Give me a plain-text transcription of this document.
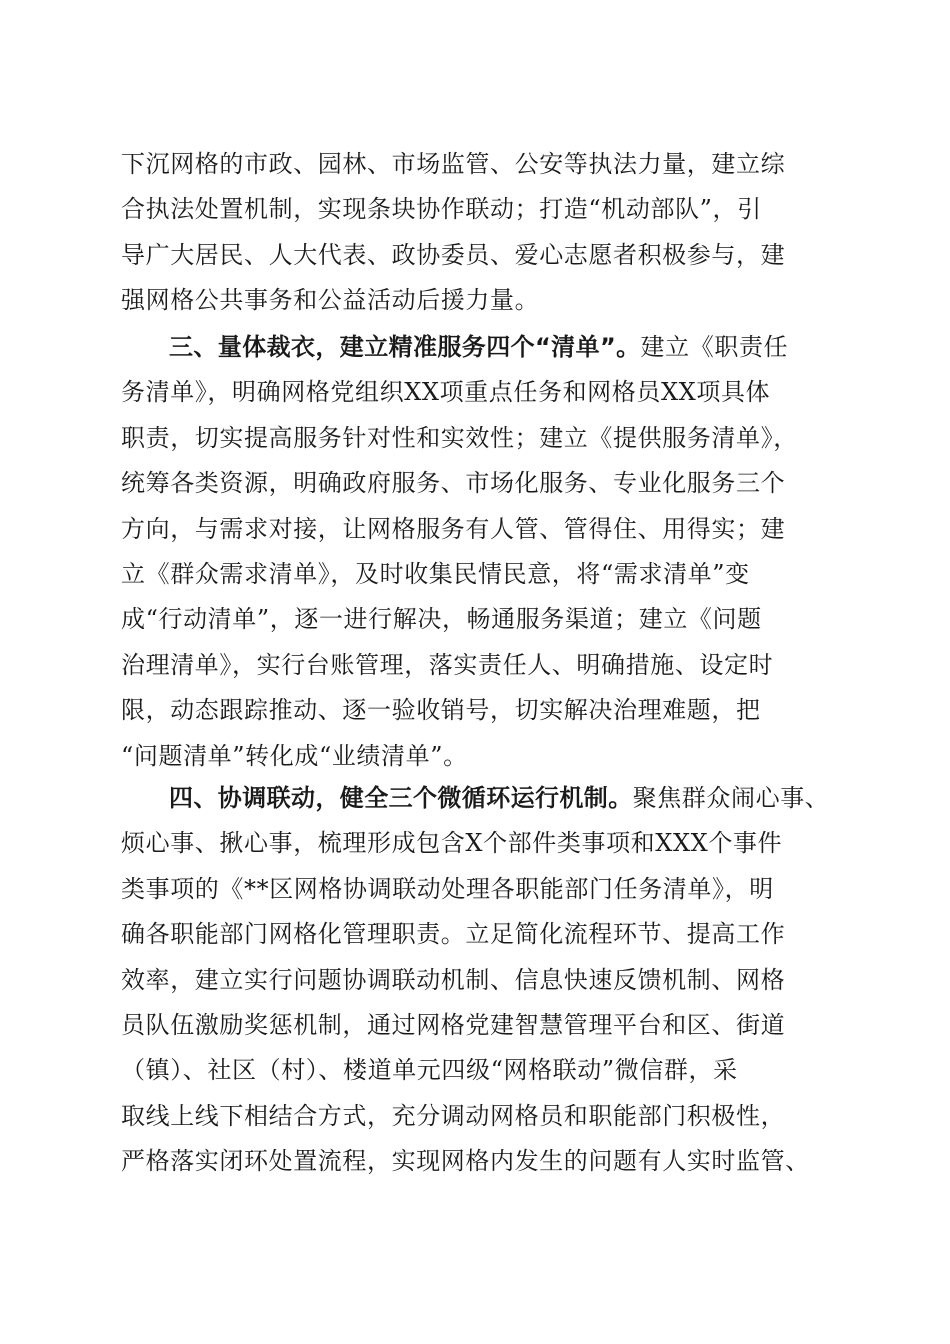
下沉网格的市政、园林、市场监管、公安等执法力量，建立综
合执法处置机制，实现条块协作联动；打造“机动部队”，引
导广大居民、人大代表、政协委员、爱心志愿者积极参与，建
强网格公共事务和公益活动后援力量。
三、量体裁衣，建立精准服务四个“清单”。建立《职责任
务清单》，明确网格党组织XX项重点任务和网格员XX项具体
职责，切实提高服务针对性和实效性；建立《提供服务清单》，
统筹各类资源，明确政府服务、市场化服务、专业化服务三个
方向，与需求对接，让网格服务有人管、管得住、用得实；建
立《群众需求清单》，及时收集民情民意，将“需求清单”变
成“行动清单”，逐一进行解决，畅通服务渠道；建立《问题
治理清单》，实行台账管理，落实责任人、明确措施、设定时
限，动态跟踪推动、逐一验收销号，切实解决治理难题，把
“问题清单”转化成“业绩清单”。
四、协调联动，健全三个微循环运行机制。聚焦群众闹心事、
烦心事、揪心事，梳理形成包含X个部件类事项和XXX个事件
类事项的《**区网格协调联动处理各职能部门任务清单》，明
确各职能部门网格化管理职责。立足简化流程环节、提高工作
效率，建立实行问题协调联动机制、信息快速反馈机制、网格
员队伍激励奖惩机制，通过网格党建智慧管理平台和区、街道
（镇）、社区（村）、楼道单元四级“网格联动”微信群，采
取线上线下相结合方式，充分调动网格员和职能部门积极性，
严格落实闭环处置流程，实现网格内发生的问题有人实时监管、
